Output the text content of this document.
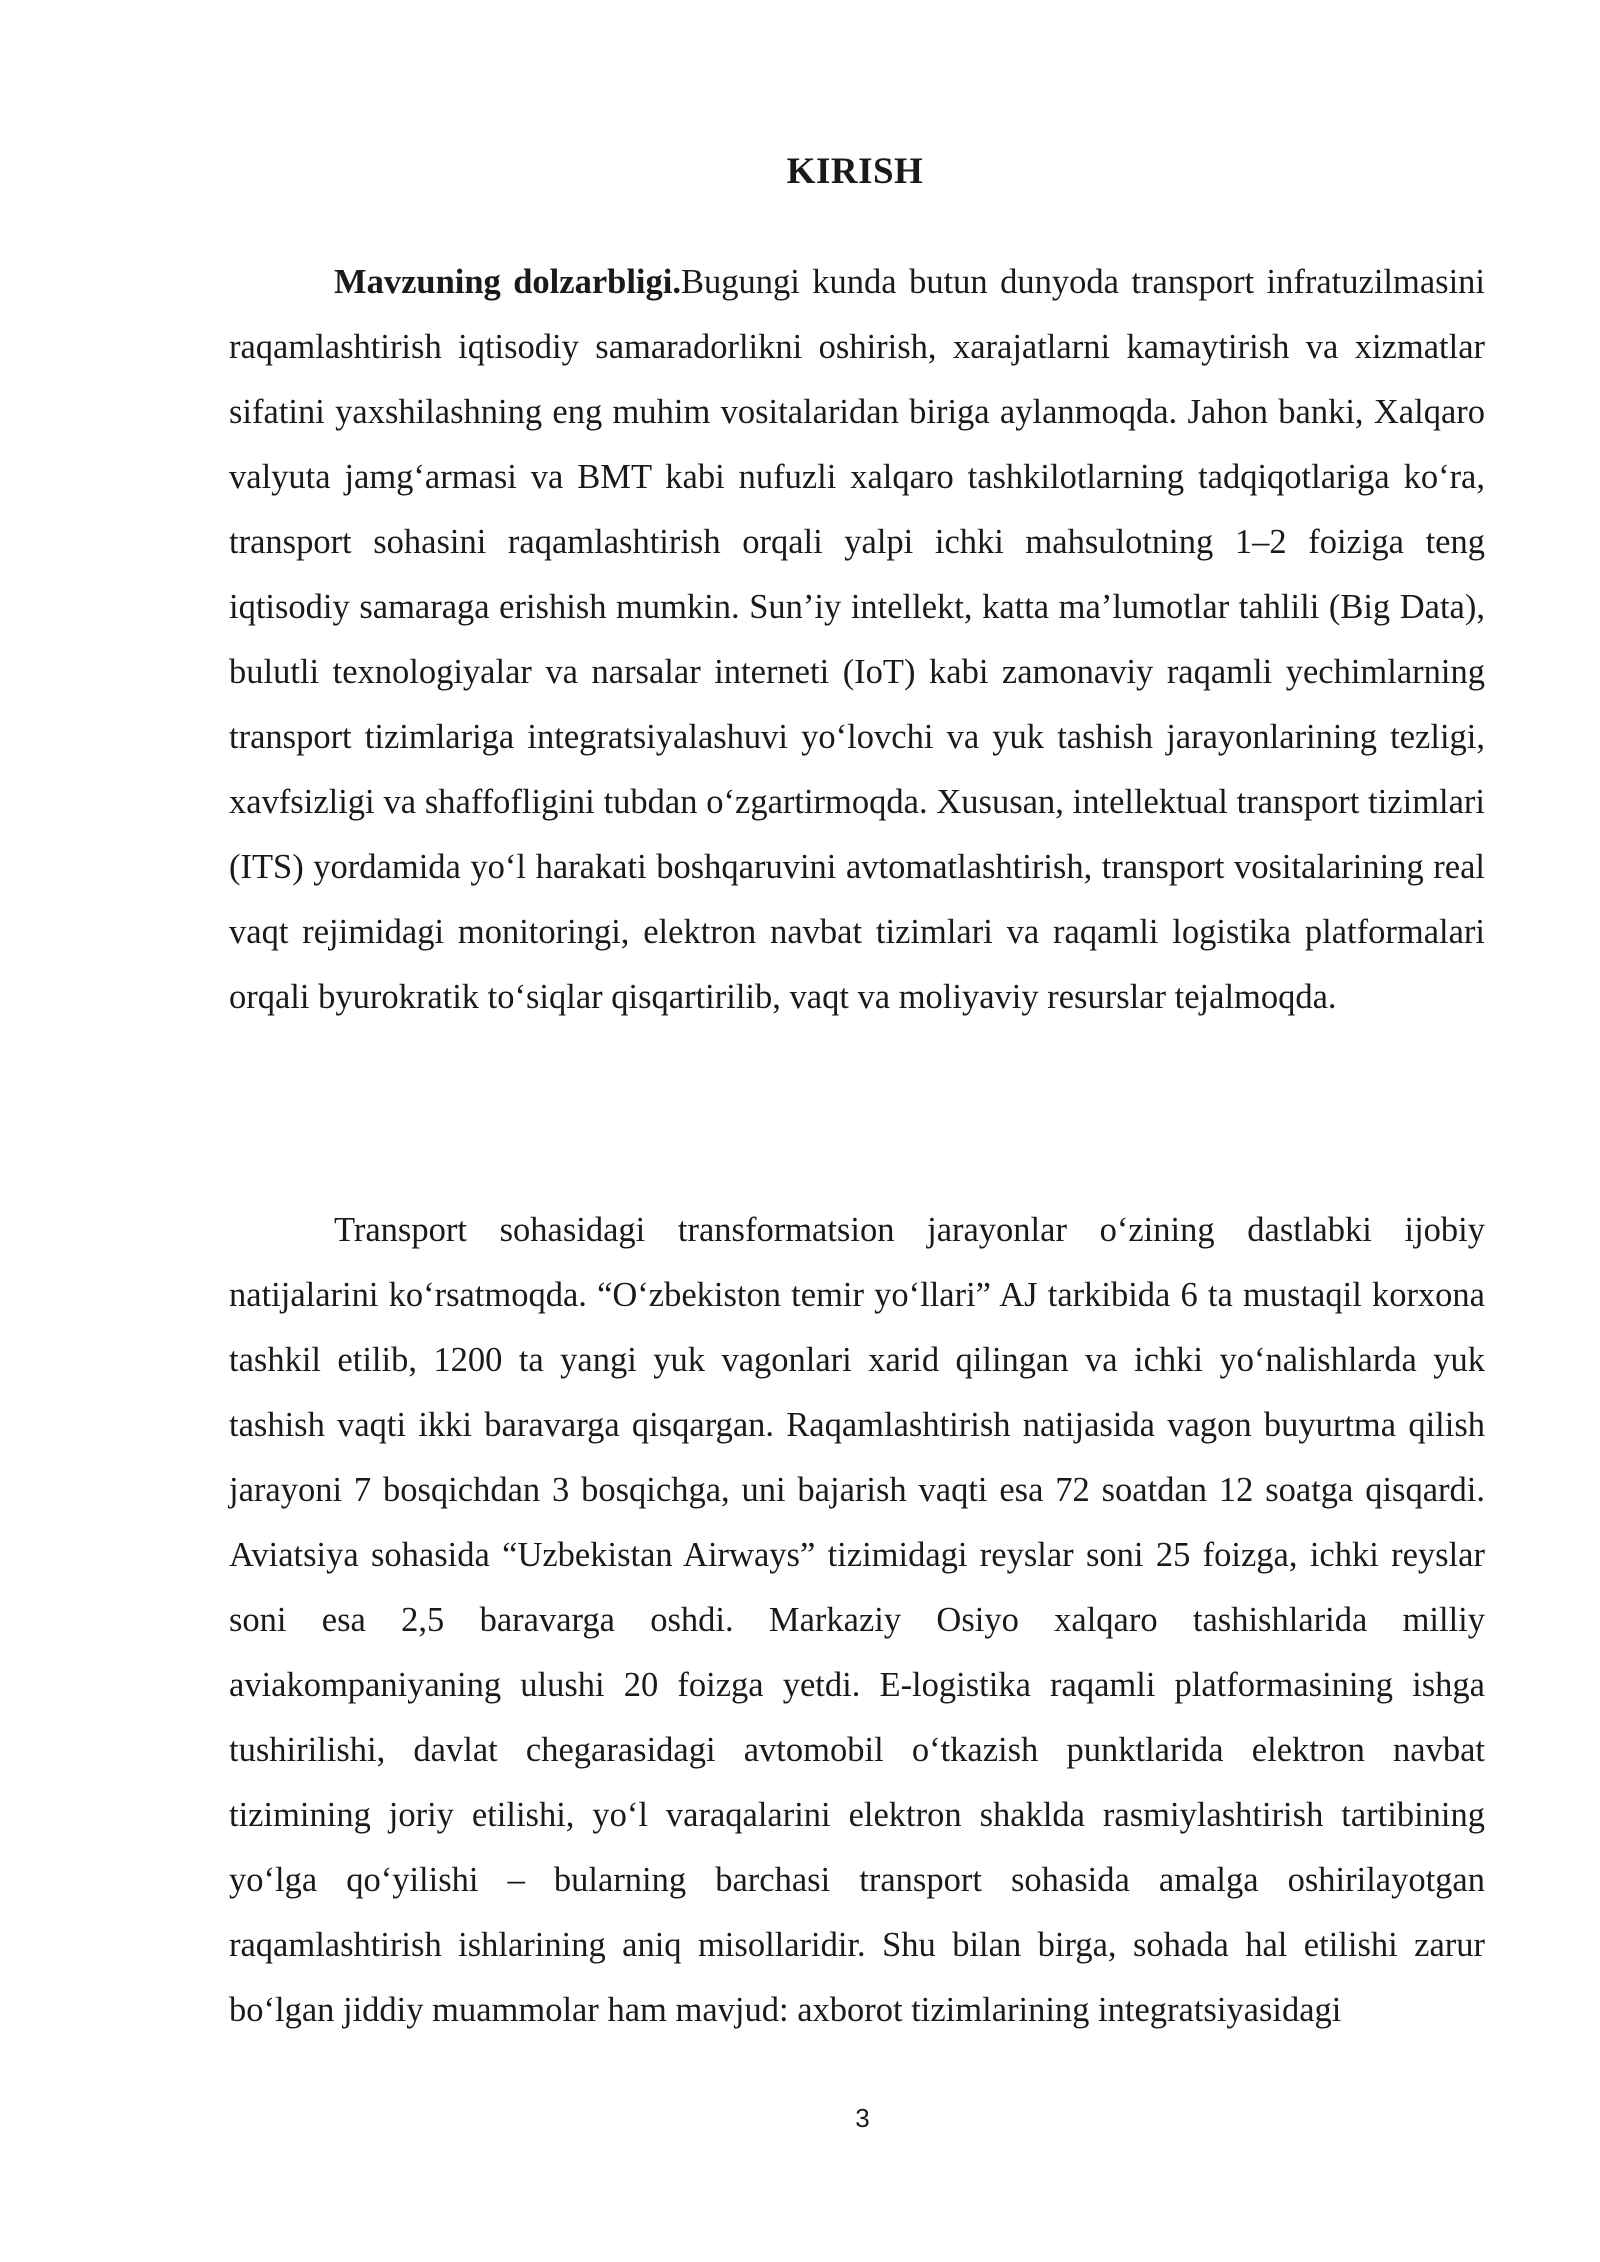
KIRISH

Mavzuning dolzarbligi.Bugungi kunda butun dunyoda transport infratuzilmasini raqamlashtirish iqtisodiy samaradorlikni oshirish, xarajatlarni kamaytirish va xizmatlar sifatini yaxshilashning eng muhim vositalaridan biriga aylanmoqda. Jahon banki, Xalqaro valyuta jamg‘armasi va BMT kabi nufuzli xalqaro tashkilotlarning tadqiqotlariga ko‘ra, transport sohasini raqamlashtirish orqali yalpi ichki mahsulotning 1–2 foiziga teng iqtisodiy samaraga erishish mumkin. Sun’iy intellekt, katta ma’lumotlar tahlili (Big Data), bulutli texnologiyalar va narsalar interneti (IoT) kabi zamonaviy raqamli yechimlarning transport tizimlariga integratsiyalashuvi yo‘lovchi va yuk tashish jarayonlarining tezligi, xavfsizligi va shaffofligini tubdan o‘zgartirmoqda. Xususan, intellektual transport tizimlari (ITS) yordamida yo‘l harakati boshqaruvini avtomatlashtirish, transport vositalarining real vaqt rejimidagi monitoringi, elektron navbat tizimlari va raqamli logistika platformalari orqali byurokratik to‘siqlar qisqartirilib, vaqt va moliyaviy resurslar tejalmoqda.

Transport sohasidagi transformatsion jarayonlar o‘zining dastlabki ijobiy natijalarini ko‘rsatmoqda. “O‘zbekiston temir yo‘llari” AJ tarkibida 6 ta mustaqil korxona tashkil etilib, 1200 ta yangi yuk vagonlari xarid qilingan va ichki yo‘nalishlarda yuk tashish vaqti ikki baravarga qisqargan. Raqamlashtirish natijasida vagon buyurtma qilish jarayoni 7 bosqichdan 3 bosqichga, uni bajarish vaqti esa 72 soatdan 12 soatga qisqardi. Aviatsiya sohasida “Uzbekistan Airways” tizimidagi reyslar soni 25 foizga, ichki reyslar soni esa 2,5 baravarga oshdi. Markaziy Osiyo xalqaro tashishlarida milliy aviakompaniyaning ulushi 20 foizga yetdi. E-logistika raqamli platformasining ishga tushirilishi, davlat chegarasidagi avtomobil o‘tkazish punktlarida elektron navbat tizimining joriy etilishi, yo‘l varaqalarini elektron shaklda rasmiylashtirish tartibining yo‘lga qo‘yilishi – bularning barchasi transport sohasida amalga oshirilayotgan raqamlashtirish ishlarining aniq misollaridir. Shu bilan birga, sohada hal etilishi zarur bo‘lgan jiddiy muammolar ham mavjud: axborot tizimlarining integratsiyasidagi

3
